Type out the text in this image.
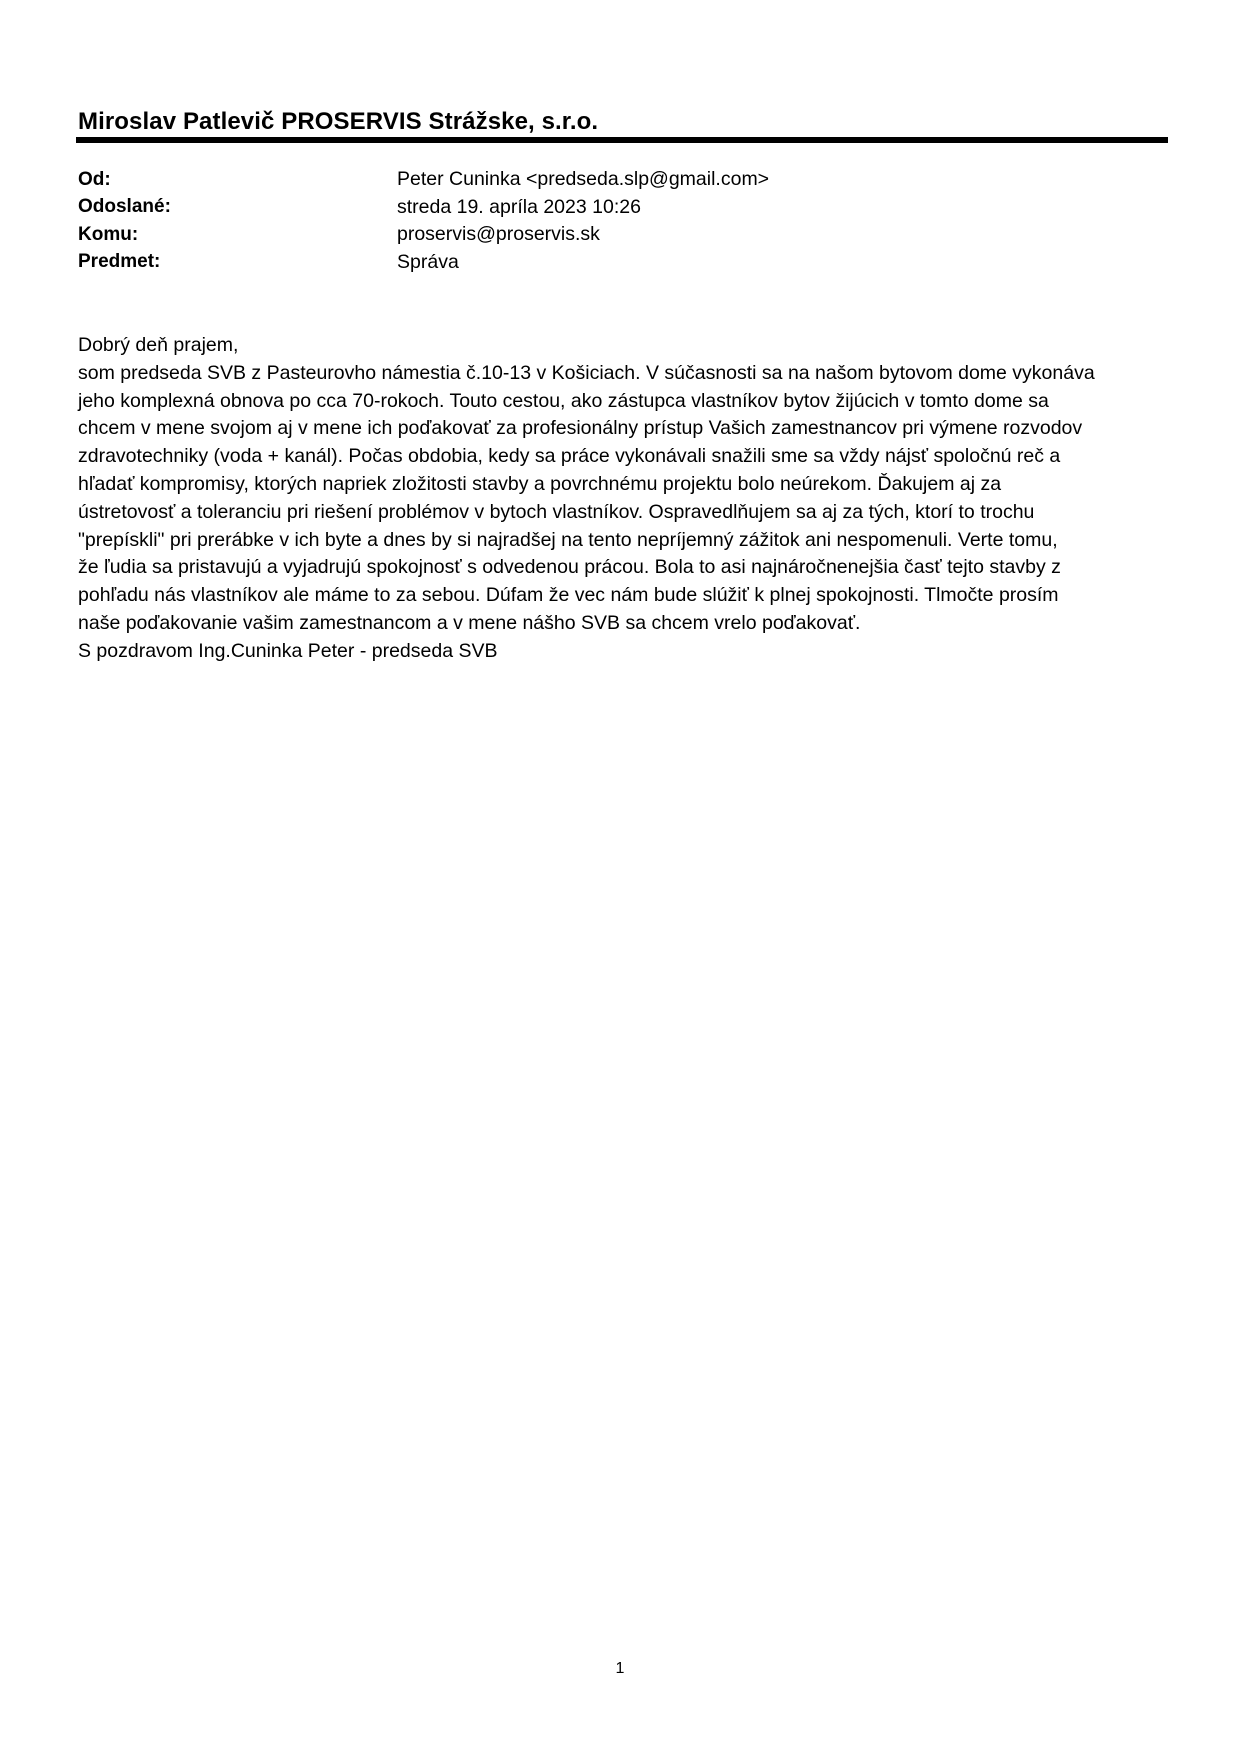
Miroslav Patlevič PROSERVIS Strážske, s.r.o.
Od:	Peter Cuninka <predseda.slp@gmail.com>
Odoslané:	streda 19. apríla 2023 10:26
Komu:	proservis@proservis.sk
Predmet:	Správa
Dobrý deň prajem,
som predseda SVB z Pasteurovho námestia č.10-13 v Košiciach. V súčasnosti sa na našom bytovom dome vykonáva
jeho komplexná obnova po cca 70-rokoch. Touto cestou, ako zástupca vlastníkov bytov žijúcich v tomto dome sa
chcem v mene svojom aj v mene ich poďakovať za profesionálny prístup Vašich zamestnancov pri výmene rozvodov
zdravotechniky (voda + kanál). Počas obdobia, kedy sa práce vykonávali snažili sme sa vždy nájsť spoločnú reč a
hľadať kompromisy, ktorých napriek zložitosti stavby a povrchnému projektu bolo neúrekom. Ďakujem aj za
ústretovosť a toleranciu pri riešení problémov v bytoch vlastníkov. Ospravedlňujem sa aj za tých, ktorí to trochu
"prepískli" pri prerábke v ich byte a dnes by si najradšej na tento nepríjemný zážitok ani nespomenuli. Verte tomu,
že ľudia sa pristavujú a vyjadrujú spokojnosť s odvedenou prácou. Bola to asi najnáročnenejšia časť tejto stavby z
pohľadu nás vlastníkov ale máme to za sebou. Dúfam že vec nám bude slúžiť k plnej spokojnosti. Tlmočte prosím
naše poďakovanie vašim zamestnancom a v mene nášho SVB sa chcem vrelo poďakovať.
S pozdravom Ing.Cuninka Peter - predseda SVB
1
